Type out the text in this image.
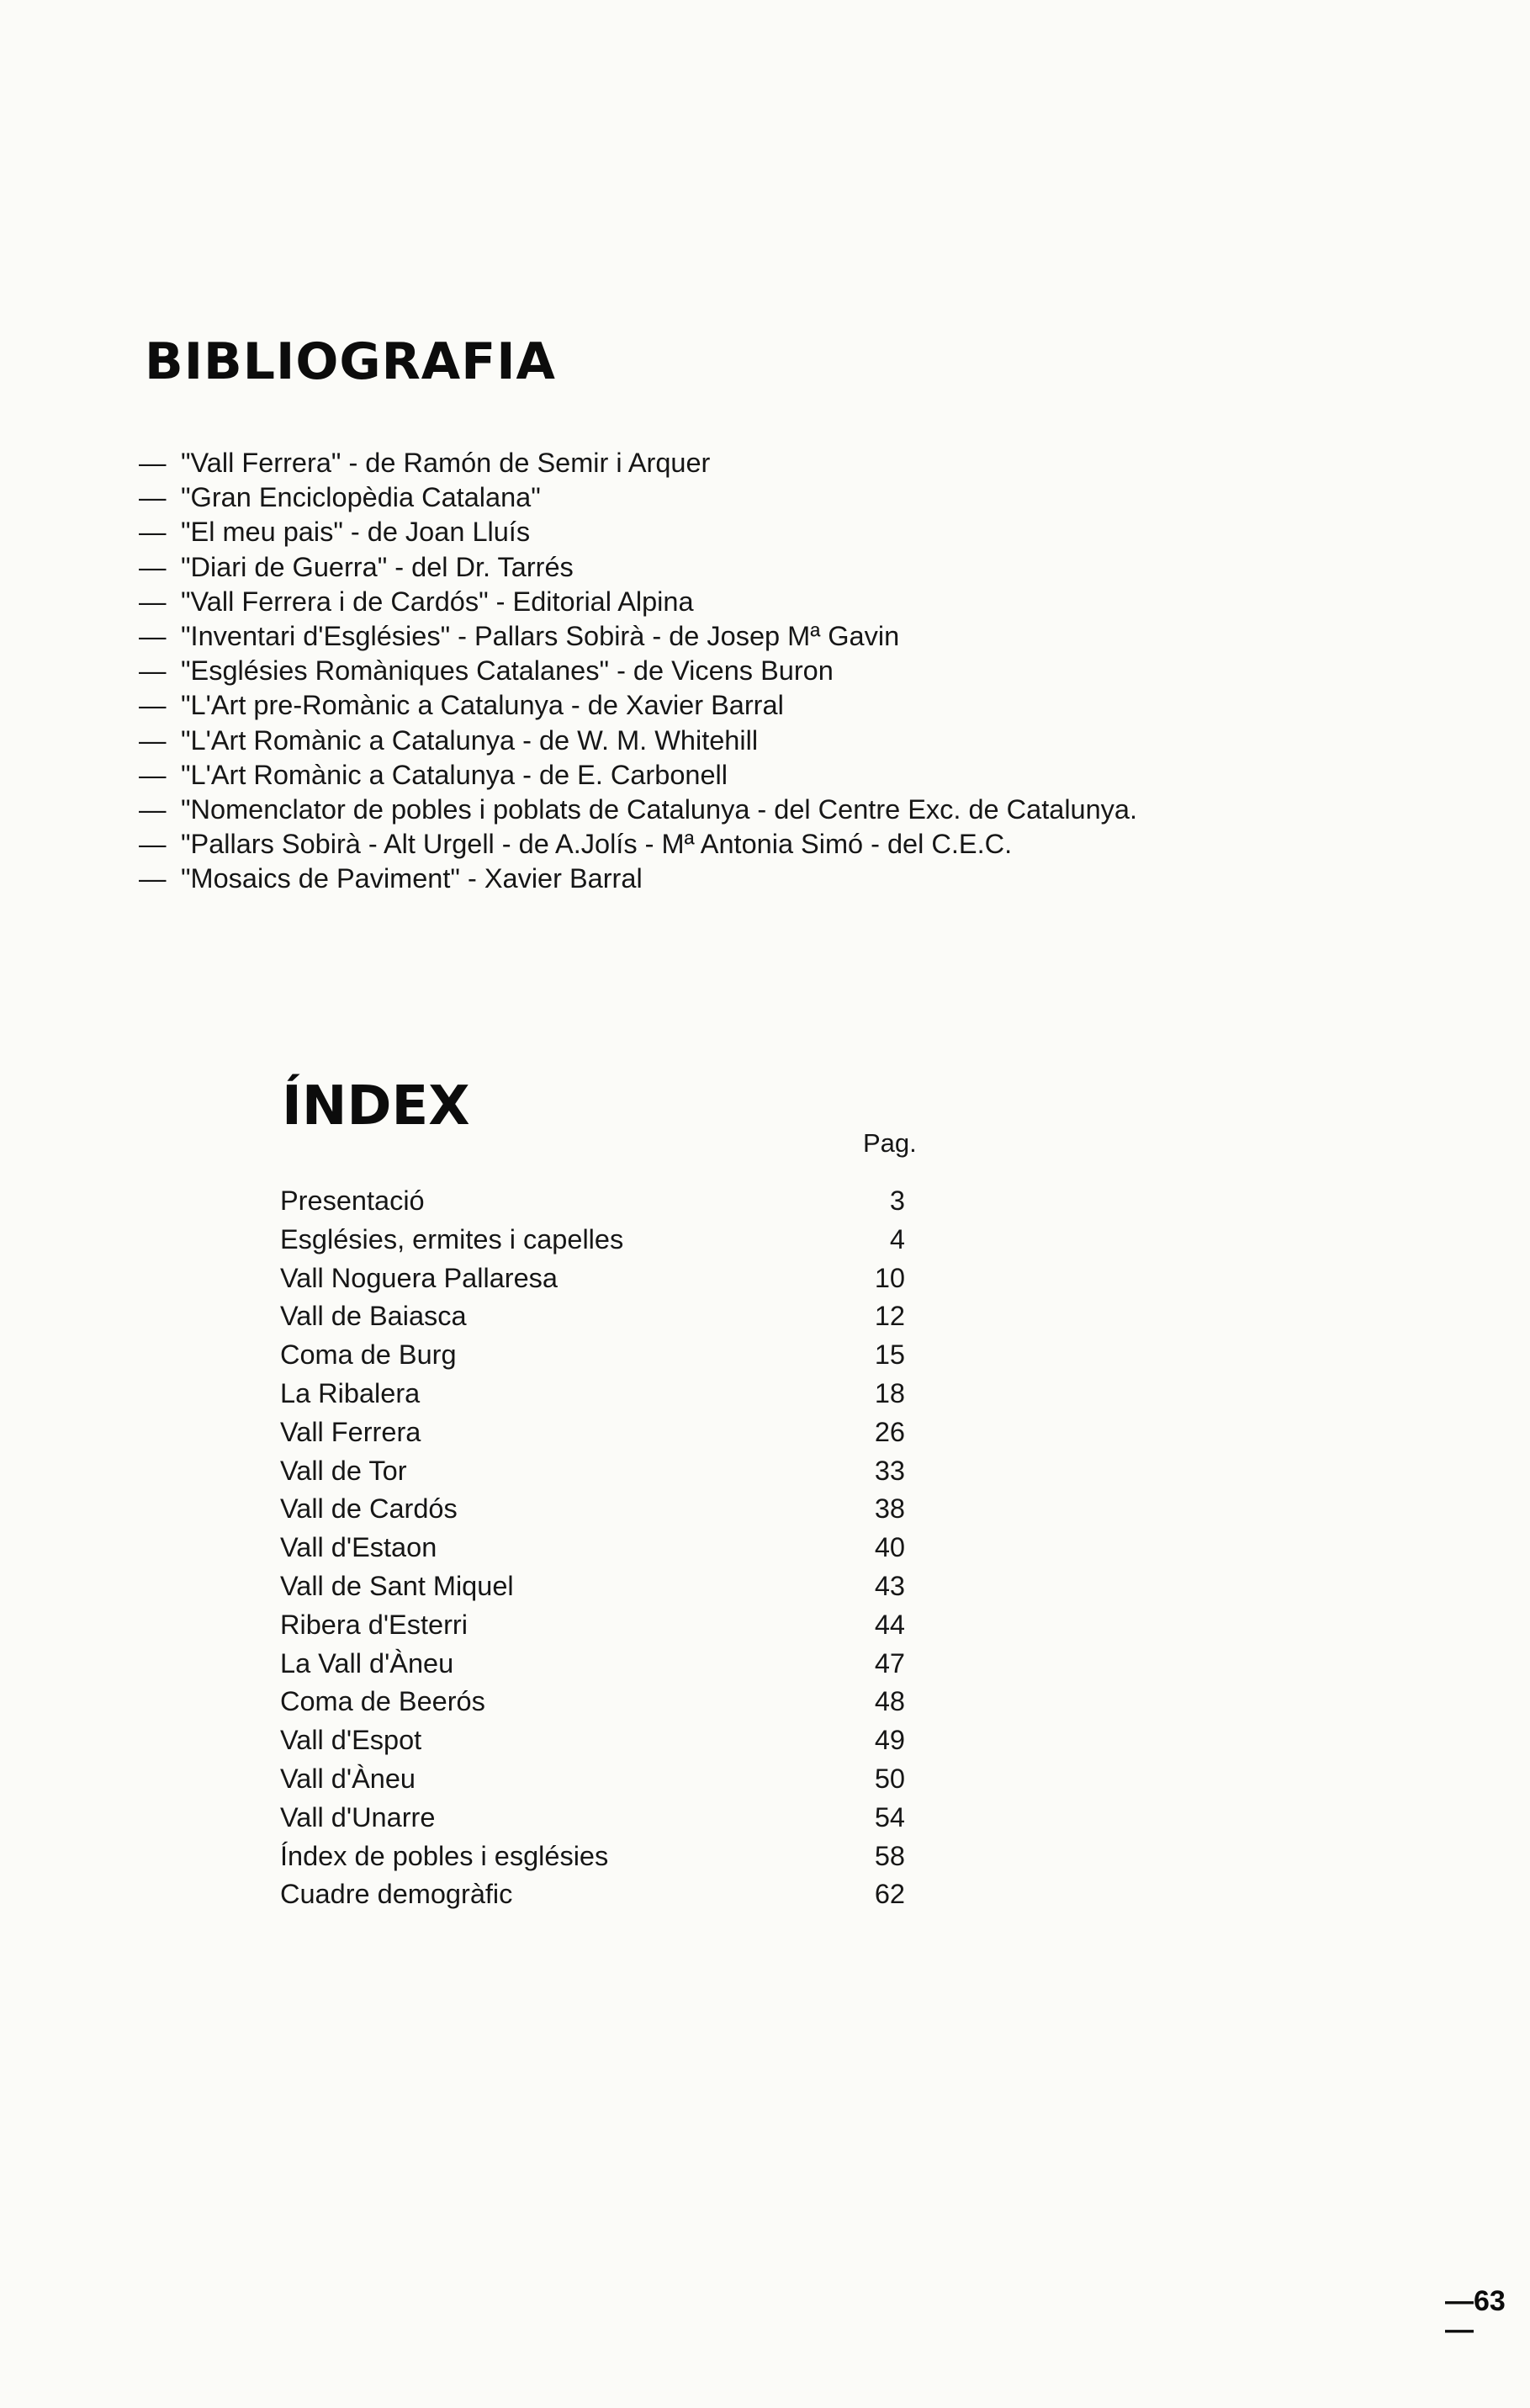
BIBLIOGRAFIA
— "Vall Ferrera" - de Ramón de Semir i Arquer
— "Gran Enciclopèdia Catalana"
— "El meu pais" - de Joan Lluís
— "Diari de Guerra" - del Dr. Tarrés
— "Vall Ferrera i de Cardós" - Editorial Alpina
— "Inventari d'Esglésies" - Pallars Sobirà - de Josep Mª Gavin
— "Esglésies Romàniques Catalanes" - de Vicens Buron
— "L'Art pre-Romànic a Catalunya - de Xavier Barral
— "L'Art Romànic a Catalunya - de W. M. Whitehill
— "L'Art Romànic a Catalunya - de E. Carbonell
— "Nomenclator de pobles i poblats de Catalunya - del Centre Exc. de Catalunya.
— "Pallars Sobirà - Alt Urgell - de A.Jolís - Mª Antonia Simó - del C.E.C.
— "Mosaics de Paviment" - Xavier Barral
ÍNDEX
Pag.
Presentació	3
Esglésies, ermites i capelles	4
Vall Noguera Pallaresa	10
Vall de Baiasca	12
Coma de Burg	15
La Ribalera	18
Vall Ferrera	26
Vall de Tor	33
Vall de Cardós	38
Vall d'Estaon	40
Vall de Sant Miquel	43
Ribera d'Esterri	44
La Vall d'Àneu	47
Coma de Beerós	48
Vall d'Espot	49
Vall d'Àneu	50
Vall d'Unarre	54
Índex de pobles i esglésies	58
Cuadre demogràfic	62
—63—
